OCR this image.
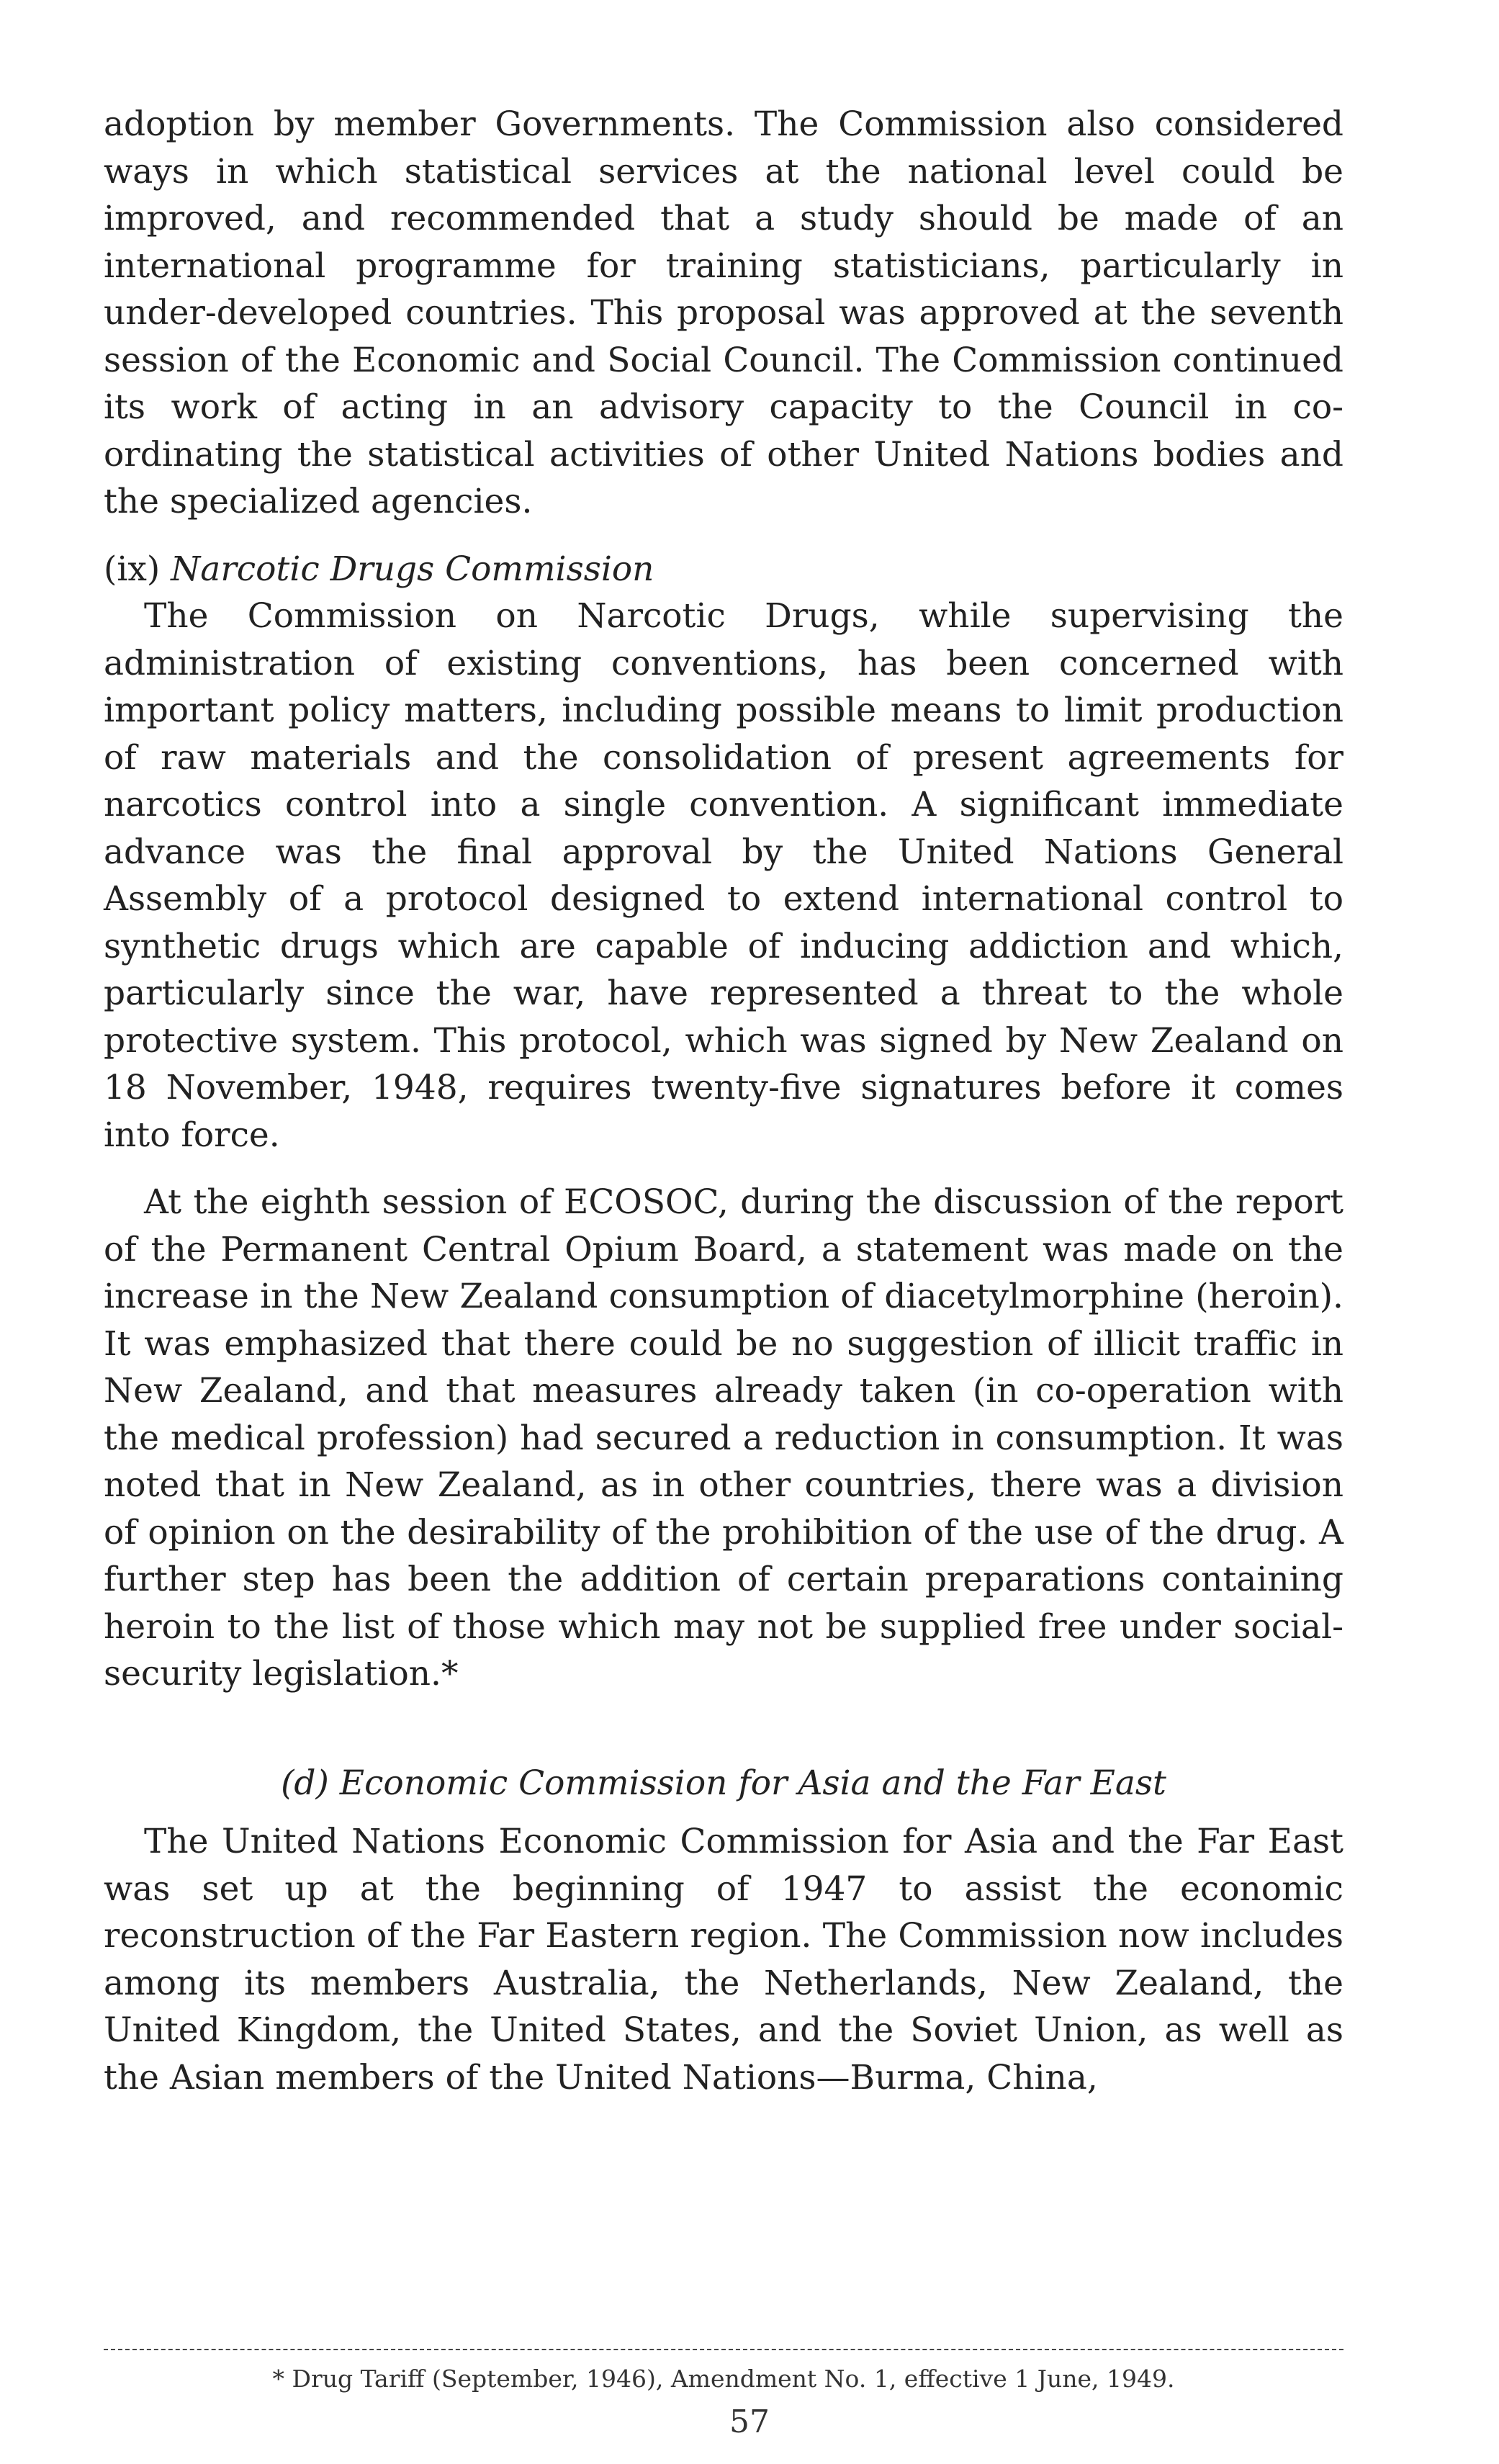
adoption by member Governments. The Commission also considered ways in which statistical services at the national level could be improved, and recommended that a study should be made of an international programme for training statisticians, particularly in under-developed countries. This proposal was approved at the seventh session of the Economic and Social Council. The Commission continued its work of acting in an advisory capacity to the Council in co-ordinating the statistical activities of other United Nations bodies and the specialized agencies.

(ix) Narcotic Drugs Commission

The Commission on Narcotic Drugs, while supervising the administration of existing conventions, has been concerned with important policy matters, including possible means to limit production of raw materials and the consolidation of present agreements for narcotics control into a single convention. A significant immediate advance was the final approval by the United Nations General Assembly of a protocol designed to extend international control to synthetic drugs which are capable of inducing addiction and which, particularly since the war, have represented a threat to the whole protective system. This protocol, which was signed by New Zealand on 18 November, 1948, requires twenty-five signatures before it comes into force.

At the eighth session of ECOSOC, during the discussion of the report of the Permanent Central Opium Board, a statement was made on the increase in the New Zealand consumption of diacetylmorphine (heroin). It was emphasized that there could be no suggestion of illicit traffic in New Zealand, and that measures already taken (in co-operation with the medical profession) had secured a reduction in consumption. It was noted that in New Zealand, as in other countries, there was a division of opinion on the desirability of the prohibition of the use of the drug. A further step has been the addition of certain preparations containing heroin to the list of those which may not be supplied free under social-security legislation.*

(d) Economic Commission for Asia and the Far East

The United Nations Economic Commission for Asia and the Far East was set up at the beginning of 1947 to assist the economic reconstruction of the Far Eastern region. The Commission now includes among its members Australia, the Netherlands, New Zealand, the United Kingdom, the United States, and the Soviet Union, as well as the Asian members of the United Nations—Burma, China,

* Drug Tariff (September, 1946), Amendment No. 1, effective 1 June, 1949.
57
